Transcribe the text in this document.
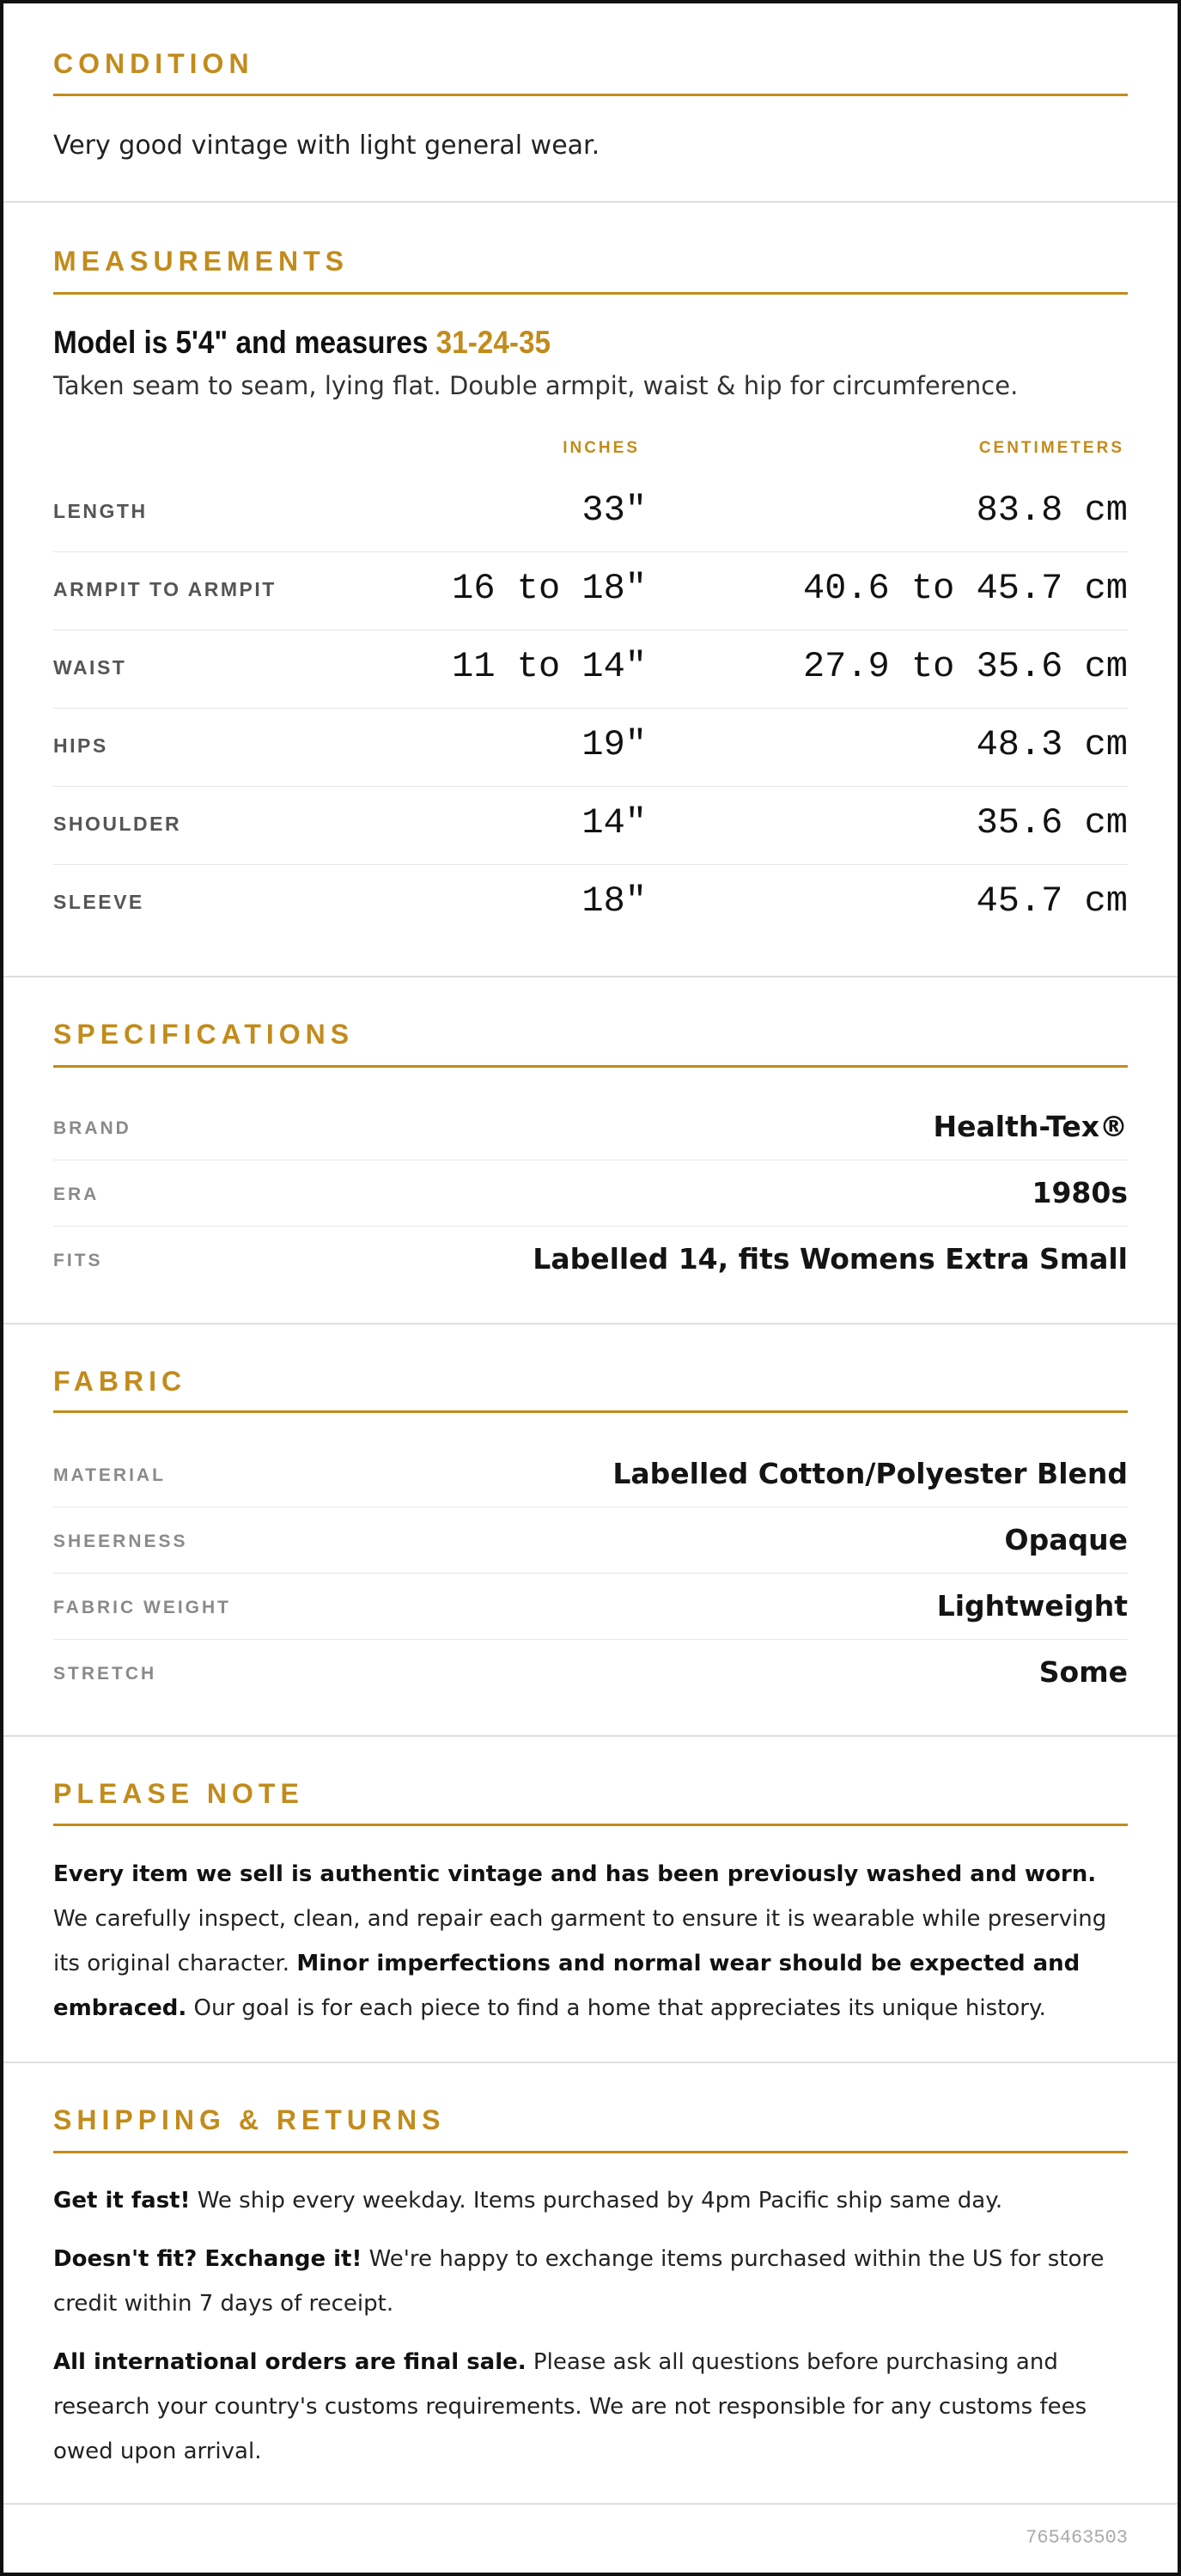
CONDITION
Very good vintage with light general wear.
MEASUREMENTS
Model is 5'4" and measures 31-24-35
Taken seam to seam, lying flat. Double armpit, waist & hip for circumference.
INCHES	CENTIMETERS
LENGTH	33"	83.8 cm
ARMPIT TO ARMPIT	16 to 18"	40.6 to 45.7 cm
WAIST	11 to 14"	27.9 to 35.6 cm
HIPS	19"	48.3 cm
SHOULDER	14"	35.6 cm
SLEEVE	18"	45.7 cm
SPECIFICATIONS
BRAND	Health-Tex®
ERA	1980s
FITS	Labelled 14, fits Womens Extra Small
FABRIC
MATERIAL	Labelled Cotton/Polyester Blend
SHEERNESS	Opaque
FABRIC WEIGHT	Lightweight
STRETCH	Some
PLEASE NOTE
Every item we sell is authentic vintage and has been previously washed and worn. We carefully inspect, clean, and repair each garment to ensure it is wearable while preserving its original character. Minor imperfections and normal wear should be expected and embraced. Our goal is for each piece to find a home that appreciates its unique history.
SHIPPING & RETURNS
Get it fast! We ship every weekday. Items purchased by 4pm Pacific ship same day.
Doesn't fit? Exchange it! We're happy to exchange items purchased within the US for store credit within 7 days of receipt.
All international orders are final sale. Please ask all questions before purchasing and research your country's customs requirements. We are not responsible for any customs fees owed upon arrival.
765463503
